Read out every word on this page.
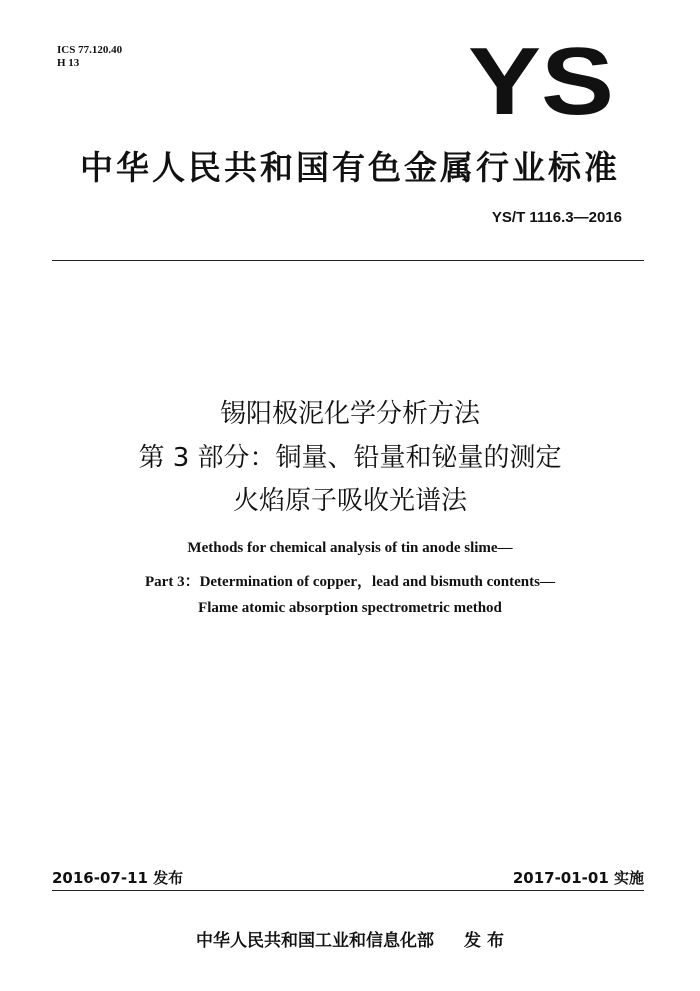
ICS 77.120.40
H 13	YS
中华人民共和国有色金属行业标准
YS/T 1116.3—2016
锡阳极泥化学分析方法
第 3 部分：铜量、铅量和铋量的测定
火焰原子吸收光谱法
Methods for chemical analysis of tin anode slime—
Part 3：Determination of copper，lead and bismuth contents—
Flame atomic absorption spectrometric method
2016-07-11 发布	2017-01-01 实施
中华人民共和国工业和信息化部 发 布
